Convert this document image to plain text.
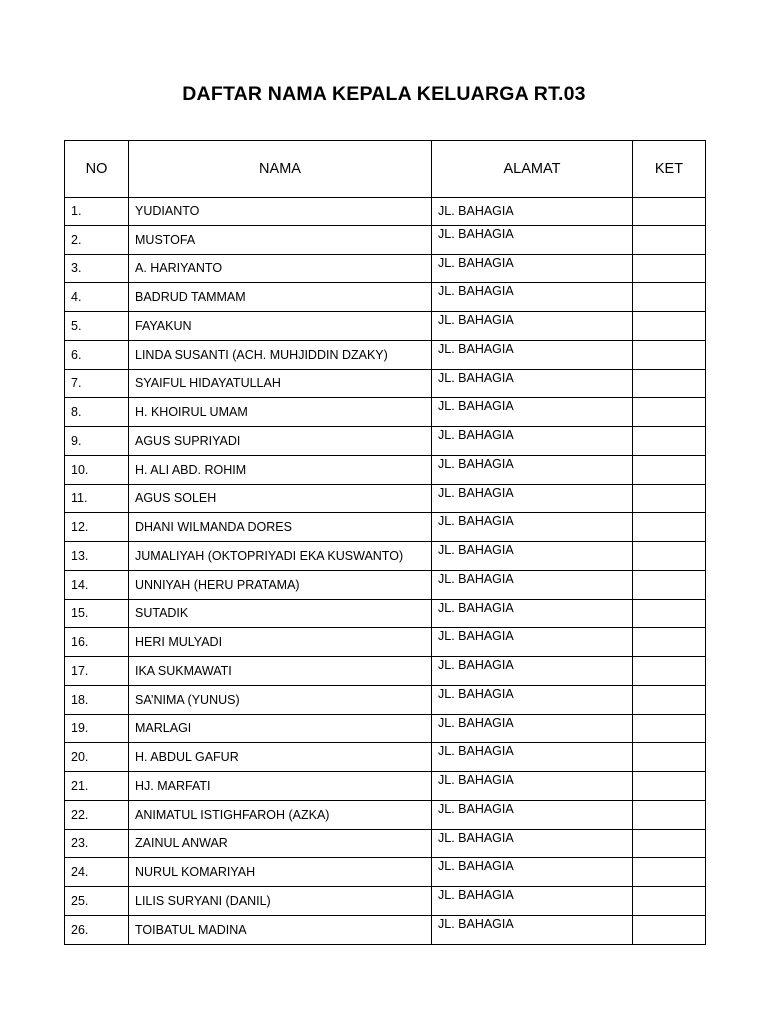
DAFTAR NAMA KEPALA KELUARGA RT.03
NO	NAMA	ALAMAT	KET
1.	YUDIANTO	JL. BAHAGIA	
2.	MUSTOFA	JL. BAHAGIA	
3.	A. HARIYANTO	JL. BAHAGIA	
4.	BADRUD TAMMAM	JL. BAHAGIA	
5.	FAYAKUN	JL. BAHAGIA	
6.	LINDA SUSANTI (ACH. MUHJIDDIN DZAKY)	JL. BAHAGIA	
7.	SYAIFUL HIDAYATULLAH	JL. BAHAGIA	
8.	H. KHOIRUL UMAM	JL. BAHAGIA	
9.	AGUS SUPRIYADI	JL. BAHAGIA	
10.	H. ALI ABD. ROHIM	JL. BAHAGIA	
11.	AGUS SOLEH	JL. BAHAGIA	
12.	DHANI WILMANDA DORES	JL. BAHAGIA	
13.	JUMALIYAH (OKTOPRIYADI EKA KUSWANTO)	JL. BAHAGIA	
14.	UNNIYAH (HERU PRATAMA)	JL. BAHAGIA	
15.	SUTADIK	JL. BAHAGIA	
16.	HERI MULYADI	JL. BAHAGIA	
17.	IKA SUKMAWATI	JL. BAHAGIA	
18.	SA’NIMA (YUNUS)	JL. BAHAGIA	
19.	MARLAGI	JL. BAHAGIA	
20.	H. ABDUL GAFUR	JL. BAHAGIA	
21.	HJ. MARFATI	JL. BAHAGIA	
22.	ANIMATUL ISTIGHFAROH (AZKA)	JL. BAHAGIA	
23.	ZAINUL ANWAR	JL. BAHAGIA	
24.	NURUL KOMARIYAH	JL. BAHAGIA	
25.	LILIS SURYANI (DANIL)	JL. BAHAGIA	
26.	TOIBATUL MADINA	JL. BAHAGIA	
